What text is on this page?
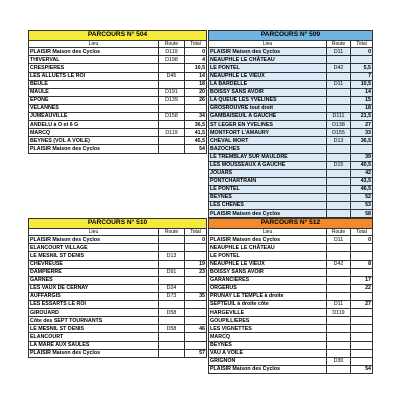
PARCOURS N° 504		
Lieu	Route	Total
PLAISIR Maison des Cyclos	D119	0
THIVERVAL	D198	4
CRESPIERES		10,5
LES ALLUETS LE ROI	D45	14
BEULE		18
MAULE	D191	20
EPONE	D139	26
VELANNES		
JUMEAUVILLE	D158	34
ANDELU à O et 6 G		36,5
MARCQ	D119	41,5
BEYNES (VOL A VOILE)		45,5
PLAISIR Maison des Cyclos		54
PARCOURS N° 509		
Lieu	Route	Total
PLAISIR Maison des Cyclos	D11	0
NEAUPHLE LE CHÂTEAU		
LE PONTEL	D42	5,5
NEAUPHLE LE VIEUX		7
LA BARDELLE	D11	10,5
BOISSY SANS AVOIR		14
LA QUEUE LES YVELINES		15
GROSROUVRE tout droit		18
GAMBAISEUIL A GAUCHE	D111	21,5
ST LEGER EN YVELINES	D138	27
MONTFORT L'AMAURY	D155	33
CHEVAL MORT	D13	36,5
BAZOCHES		
LE TREMBLAY SUR MAULDRE		39
LES MOUSSEAUX A GAUCHE	D15	40,5
JOUARS		42
PONTCHARTRAIN		43,5
LE PONTEL		46,5
BEYNES		52
LES CHÊNES		53
PLAISIR Maison des Cyclos		58
PARCOURS N° 510		
Lieu	Route	Total
PLAISIR Maison des Cyclos		0
ELANCOURT VILLAGE		
LE MESNIL ST DENIS	D13	
CHEVREUSE		19
DAMPIERRE	D91	23
GARNES		
LES VAUX DE CERNAY	D24	
AUFFARGIS	D73	35
LES ESSARTS LE ROI		
GIROUARD	D58	
Côte des SEPT TOURNANTS		
LE MESNIL ST DENIS	D58	46
ELANCOURT		
LA MARE AUX SAULES		
PLAISIR Maison des Cyclos		57
PARCOURS N° 512		
Lieu	Route	Total
PLAISIR Maison des Cyclos	D11	0
NEAUPHLE LE CHÂTEAU		
LE PONTEL		
NEAUPHLE LE VIEUX	D42	8
BOISSY SANS AVOIR		
GARANCIERES		17
ORGERUS		22
PRUNAY LE TEMPLE à droite		
SEPTEUIL à droite côte	D11	27
HARGEVILLE	D119	
GOUPILLIERES		
LES VIGNETTES		
MARCQ		
BEYNES		
VAU A VOILE		
GRIGNON	D30	
PLAISIR Maison des Cyclos		54
